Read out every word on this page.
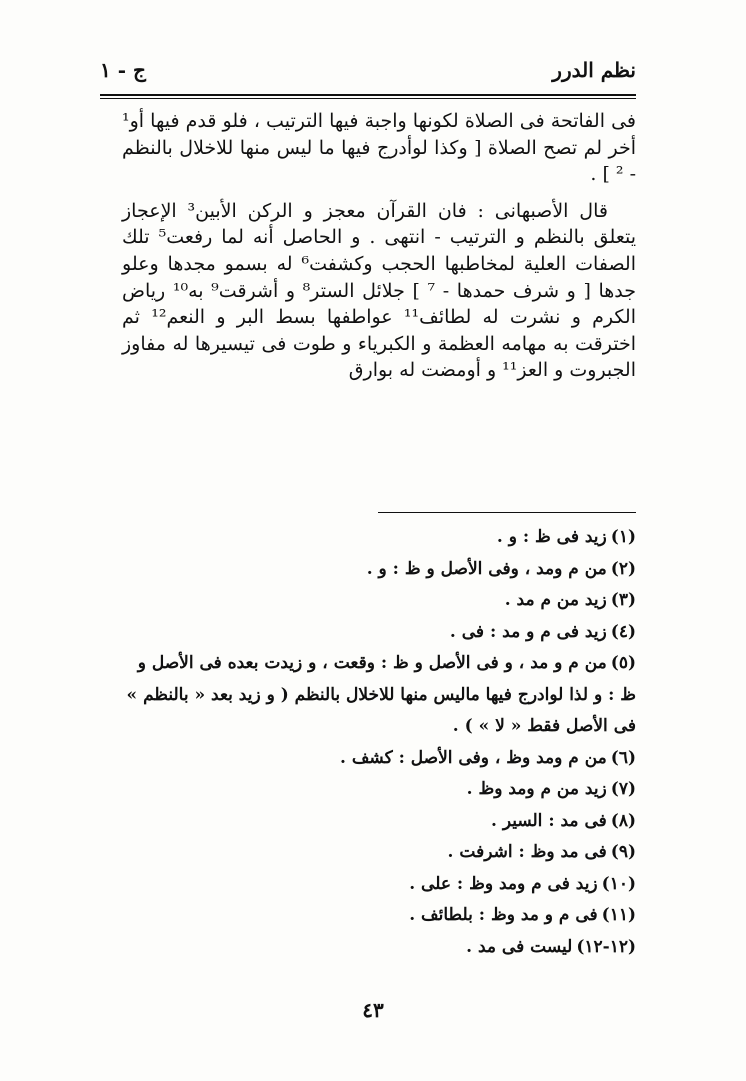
نظم الدرر
ج - ١

فى الفاتحة فى الصلاة لكونها واجبة فيها الترتيب ، فلو قدم فيها أو¹ أخر لم تصح الصلاة [ وكذا لوأدرج فيها ما ليس منها للاخلال بالنظم - ² ] .

قال الأصبهانى : فان القرآن معجز و الركن الأبين³ الإعجاز يتعلق بالنظم و الترتيب - انتهى . و الحاصل أنه لما رفعت⁵ تلك الصفات العلية لمخاطبها الحجب وكشفت⁶ له بسمو مجدها وعلو جدها [ و شرف حمدها - ⁷ ] جلائل الستر⁸ و أشرقت⁹ به¹⁰ رياض الكرم و نشرت له لطائف¹¹ عواطفها بسط البر و النعم¹² ثم اخترقت به مهامه العظمة و الكبرياء و طوت فى تيسيرها له مفاوز الجبروت و العز¹¹ و أومضت له بوارق

(١)زيد فى ظ : و .

(٢)من م ومد ، وفى الأصل و ظ : و .

(٣)زيد من م مد .

(٤)زيد فى م و مد : فى .

(٥)من م و مد ، و فى الأصل و ظ : وقعت ، و زيدت بعده فى الأصل و ظ : و لذا لوادرج فيها ماليس منها للاخلال بالنظم ( و زيد بعد « بالنظم » فى الأصل فقط « لا » ) .

(٦)من م ومد وظ ، وفى الأصل : كشف .

(٧)زيد من م ومد وظ .

(٨)فى مد : السير .

(٩)فى مد وظ : اشرفت .

(١٠)زيد فى م ومد وظ : على .

(١١)فى م و مد وظ : بلطائف .

(١٢-١٢)ليست فى مد .

٤٣
